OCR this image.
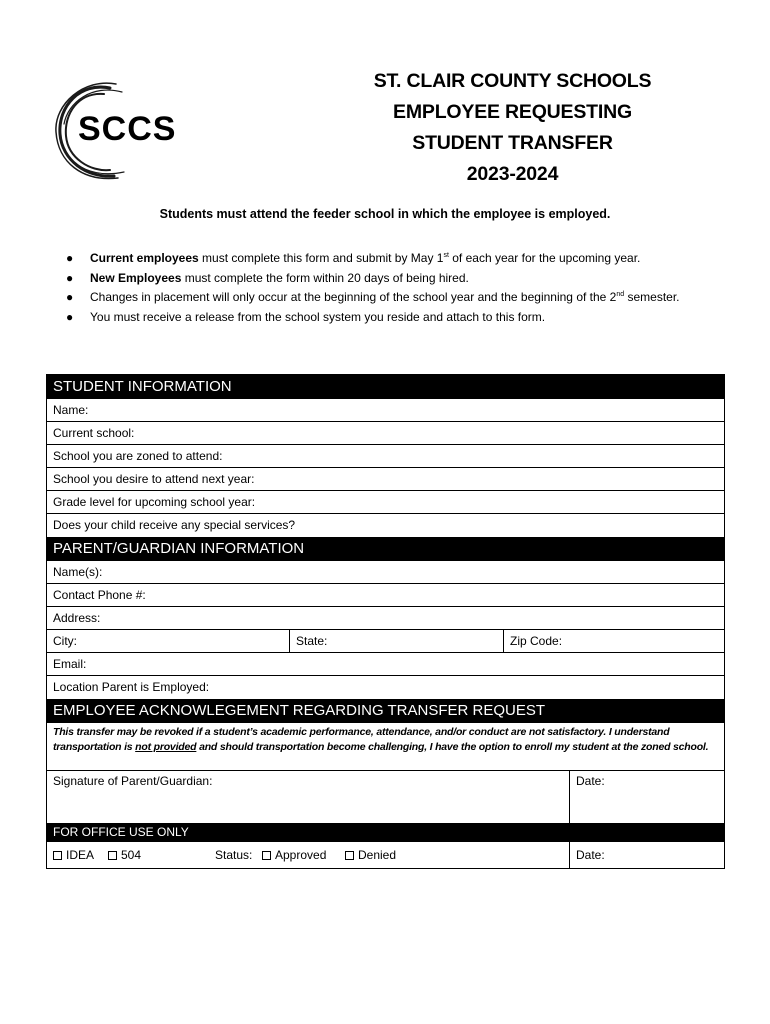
SCCS
ST. CLAIR COUNTY SCHOOLS
EMPLOYEE REQUESTING
STUDENT TRANSFER
2023-2024
Students must attend the feeder school in which the employee is employed.
● Current employees must complete this form and submit by May 1st of each year for the upcoming year.
● New Employees must complete the form within 20 days of being hired.
● Changes in placement will only occur at the beginning of the school year and the beginning of the 2nd semester.
● You must receive a release from the school system you reside and attach to this form.
STUDENT INFORMATION
Name:
Current school:
School you are zoned to attend:
School you desire to attend next year:
Grade level for upcoming school year:
Does your child receive any special services?
PARENT/GUARDIAN INFORMATION
Name(s):
Contact Phone #:
Address:
City:	State:	Zip Code:
Email:
Location Parent is Employed:
EMPLOYEE ACKNOWLEGEMENT REGARDING TRANSFER REQUEST
This transfer may be revoked if a student’s academic performance, attendance, and/or conduct are not satisfactory. I understand transportation is not provided and should transportation become challenging, I have the option to enroll my student at the zoned school.
Signature of Parent/Guardian:	Date:
FOR OFFICE USE ONLY
IDEA	504	Status:	Approved	Denied	Date:
